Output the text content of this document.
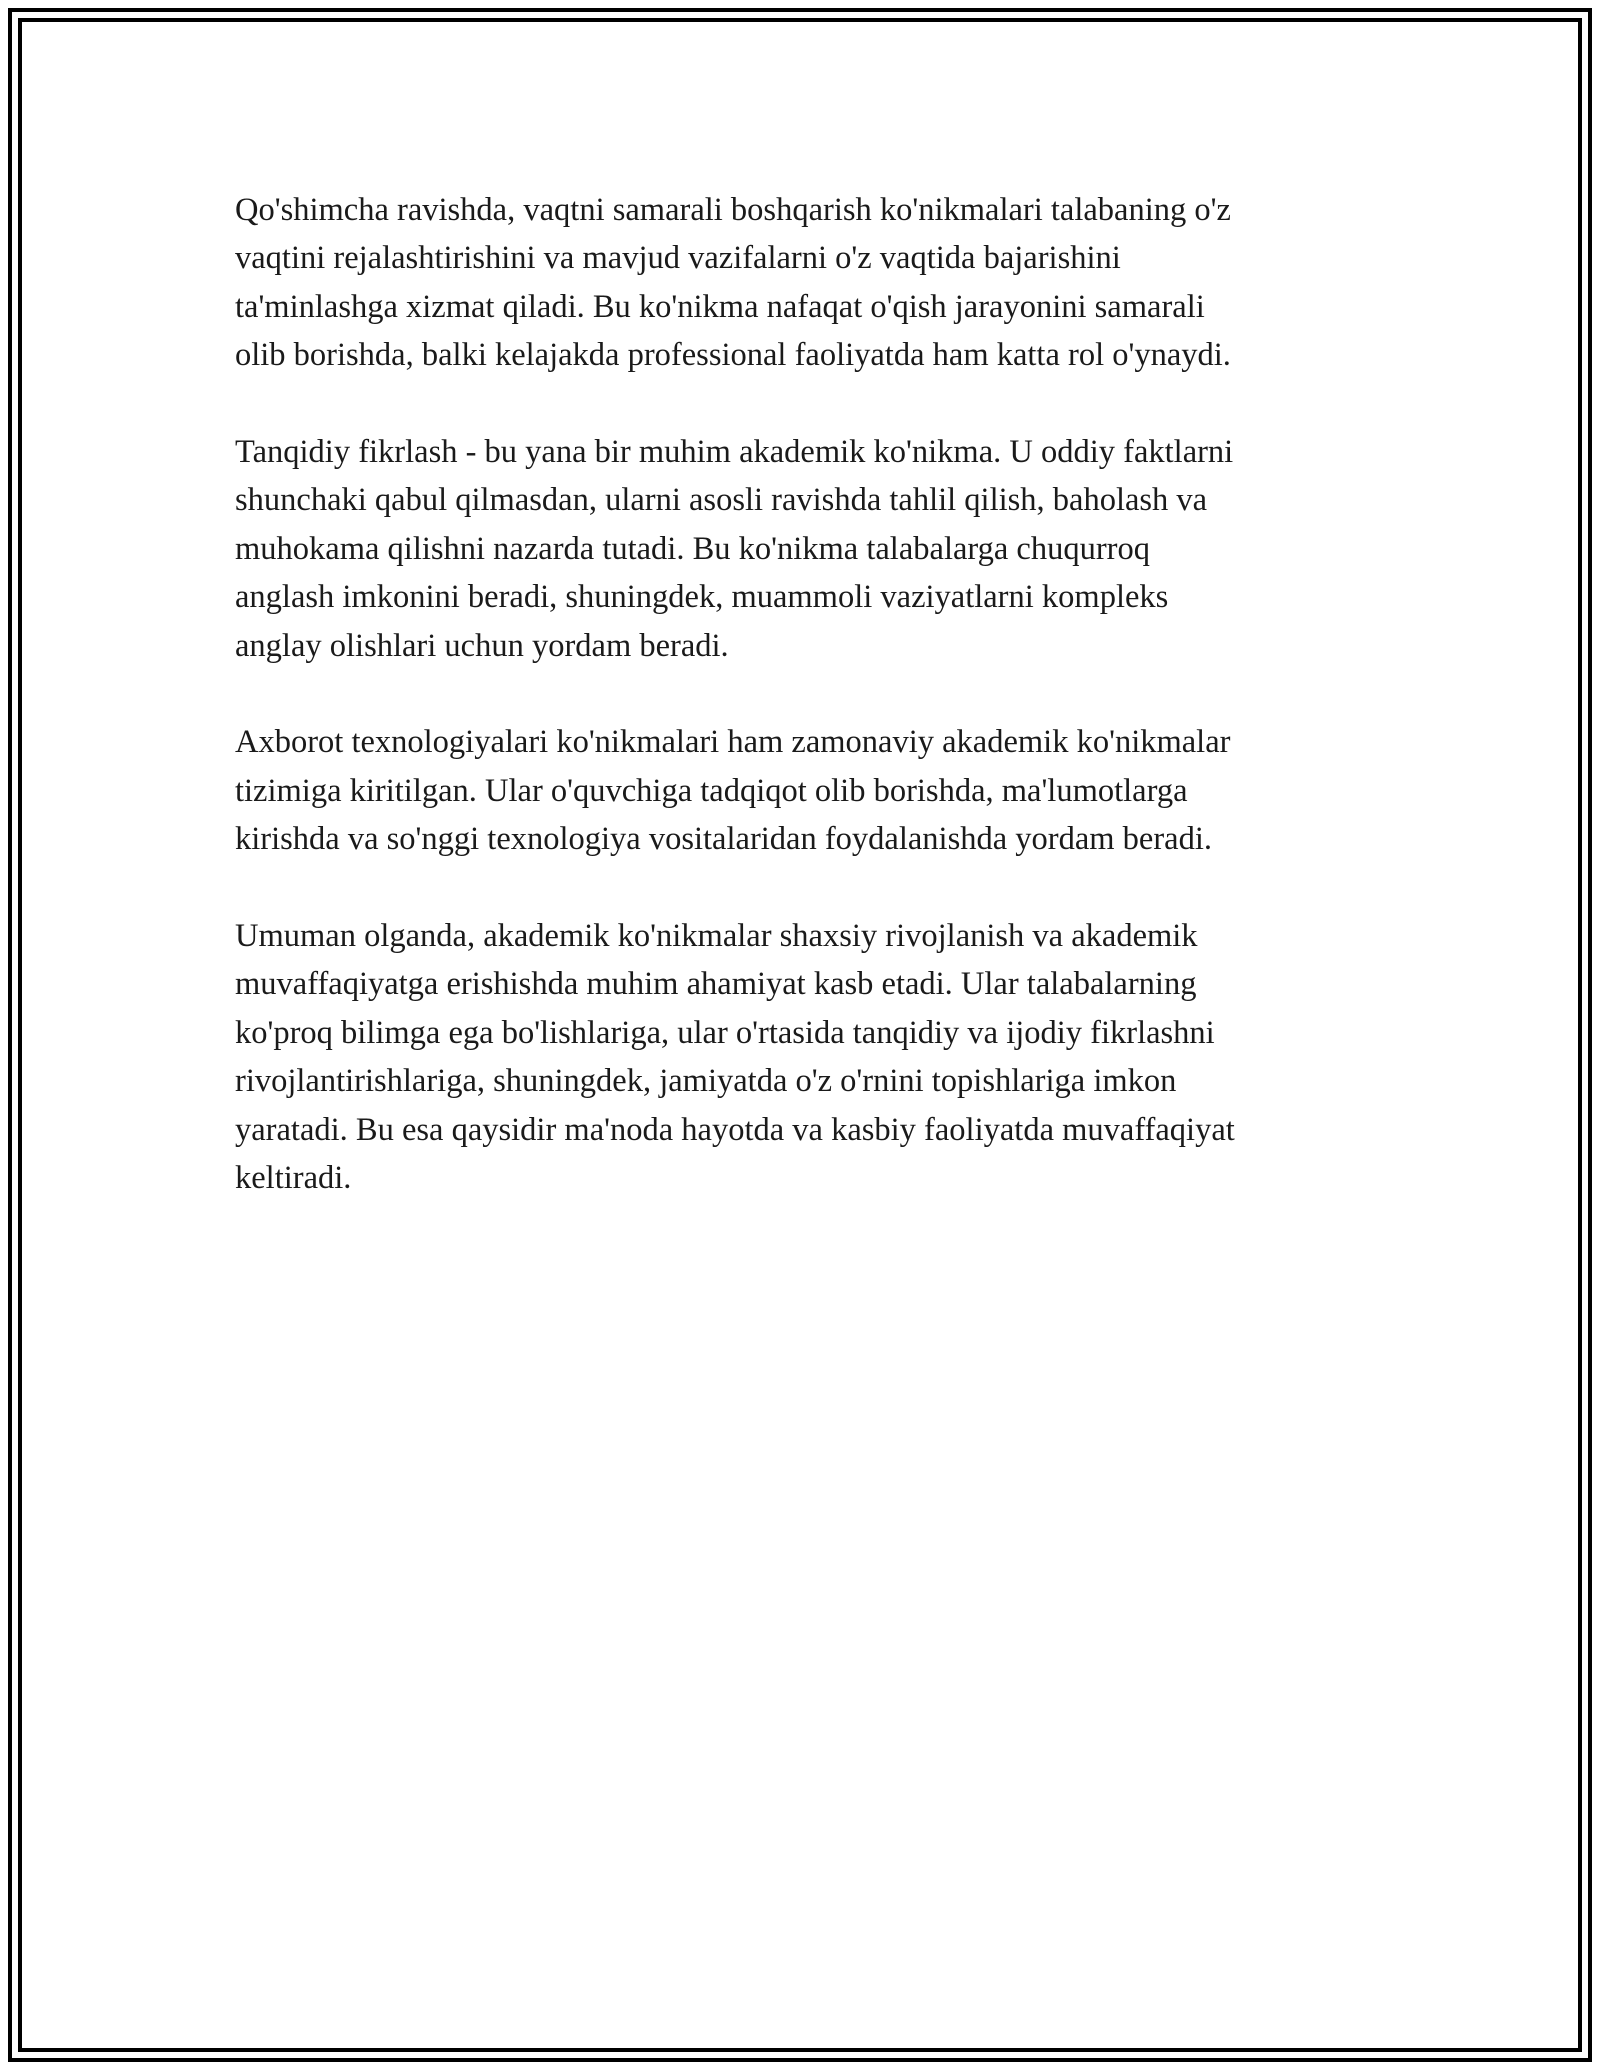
Qo'shimcha ravishda, vaqtni samarali boshqarish ko'nikmalari talabaning o'z
vaqtini rejalashtirishini va mavjud vazifalarni o'z vaqtida bajarishini
ta'minlashga xizmat qiladi. Bu ko'nikma nafaqat o'qish jarayonini samarali
olib borishda, balki kelajakda professional faoliyatda ham katta rol o'ynaydi.

Tanqidiy fikrlash - bu yana bir muhim akademik ko'nikma. U oddiy faktlarni
shunchaki qabul qilmasdan, ularni asosli ravishda tahlil qilish, baholash va
muhokama qilishni nazarda tutadi. Bu ko'nikma talabalarga chuqurroq
anglash imkonini beradi, shuningdek, muammoli vaziyatlarni kompleks
anglay olishlari uchun yordam beradi.

Axborot texnologiyalari ko'nikmalari ham zamonaviy akademik ko'nikmalar
tizimiga kiritilgan. Ular o'quvchiga tadqiqot olib borishda, ma'lumotlarga
kirishda va so'nggi texnologiya vositalaridan foydalanishda yordam beradi.

Umuman olganda, akademik ko'nikmalar shaxsiy rivojlanish va akademik
muvaffaqiyatga erishishda muhim ahamiyat kasb etadi. Ular talabalarning
ko'proq bilimga ega bo'lishlariga, ular o'rtasida tanqidiy va ijodiy fikrlashni
rivojlantirishlariga, shuningdek, jamiyatda o'z o'rnini topishlariga imkon
yaratadi. Bu esa qaysidir ma'noda hayotda va kasbiy faoliyatda muvaffaqiyat
keltiradi.
